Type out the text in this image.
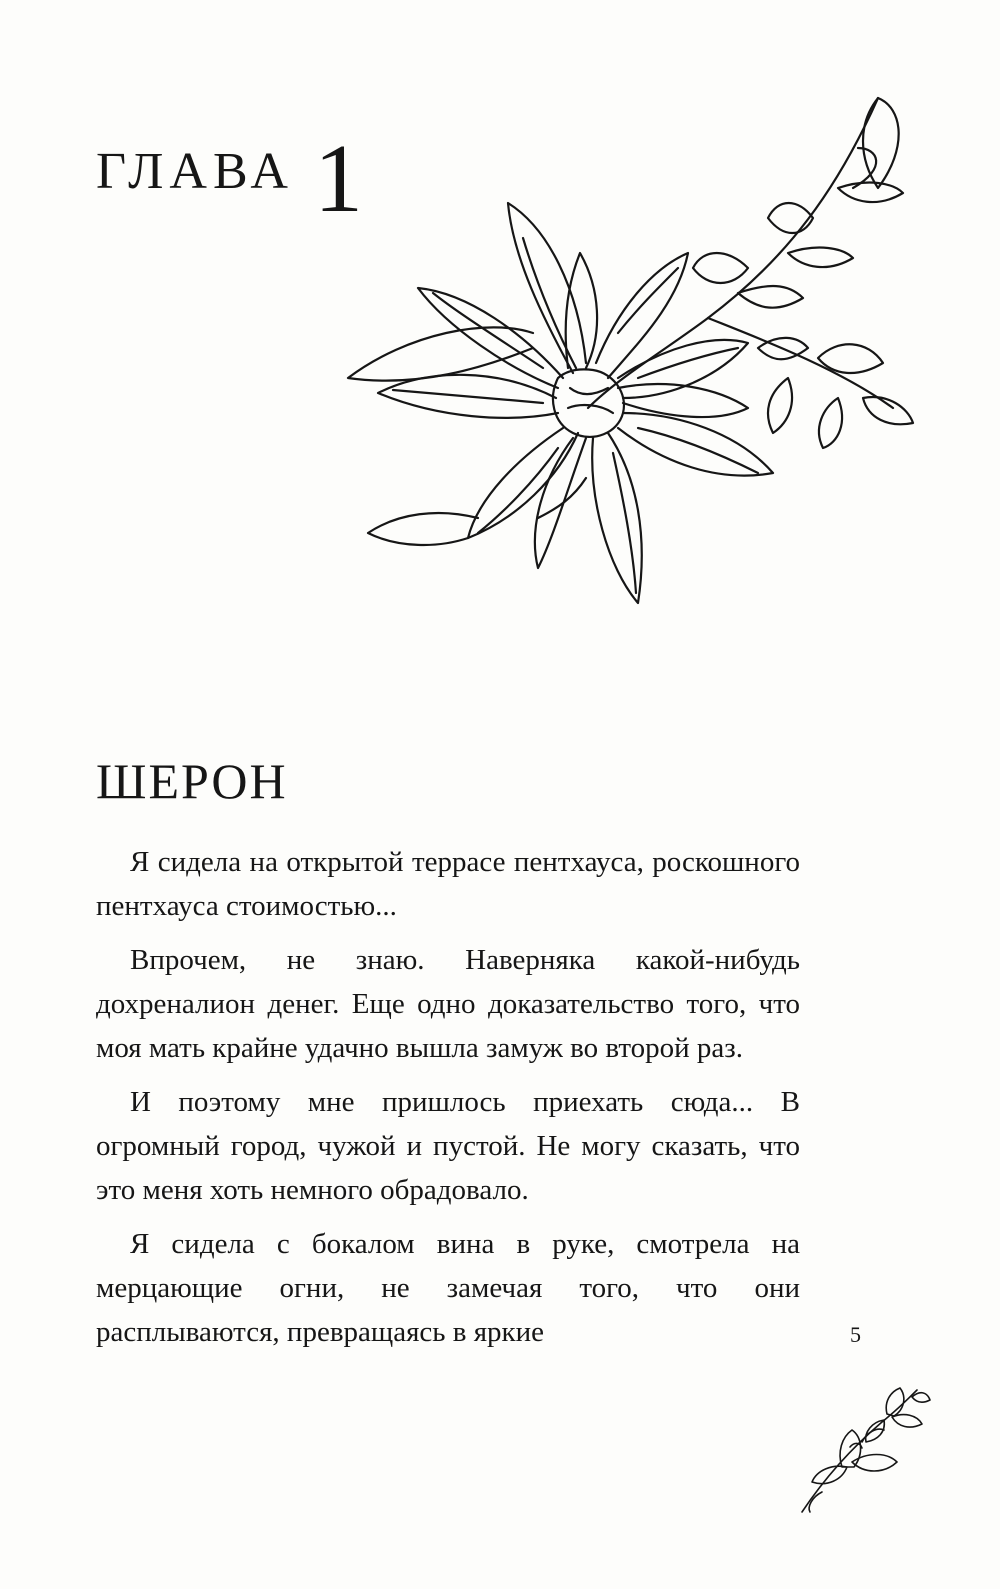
ГЛАВА 1
ШЕРОН

Я сидела на открытой террасе пентхауса, роскошного пентхауса стоимостью...

Впрочем, не знаю. Наверняка какой-нибудь дохреналион денег. Еще одно доказательство того, что моя мать крайне удачно вышла замуж во второй раз.

И поэтому мне пришлось приехать сюда... В огромный город, чужой и пустой. Не могу сказать, что это меня хоть немного обрадовало.

Я сидела с бокалом вина в руке, смотрела на мерцающие огни, не замечая того, что они расплываются, превращаясь в яркие	5
